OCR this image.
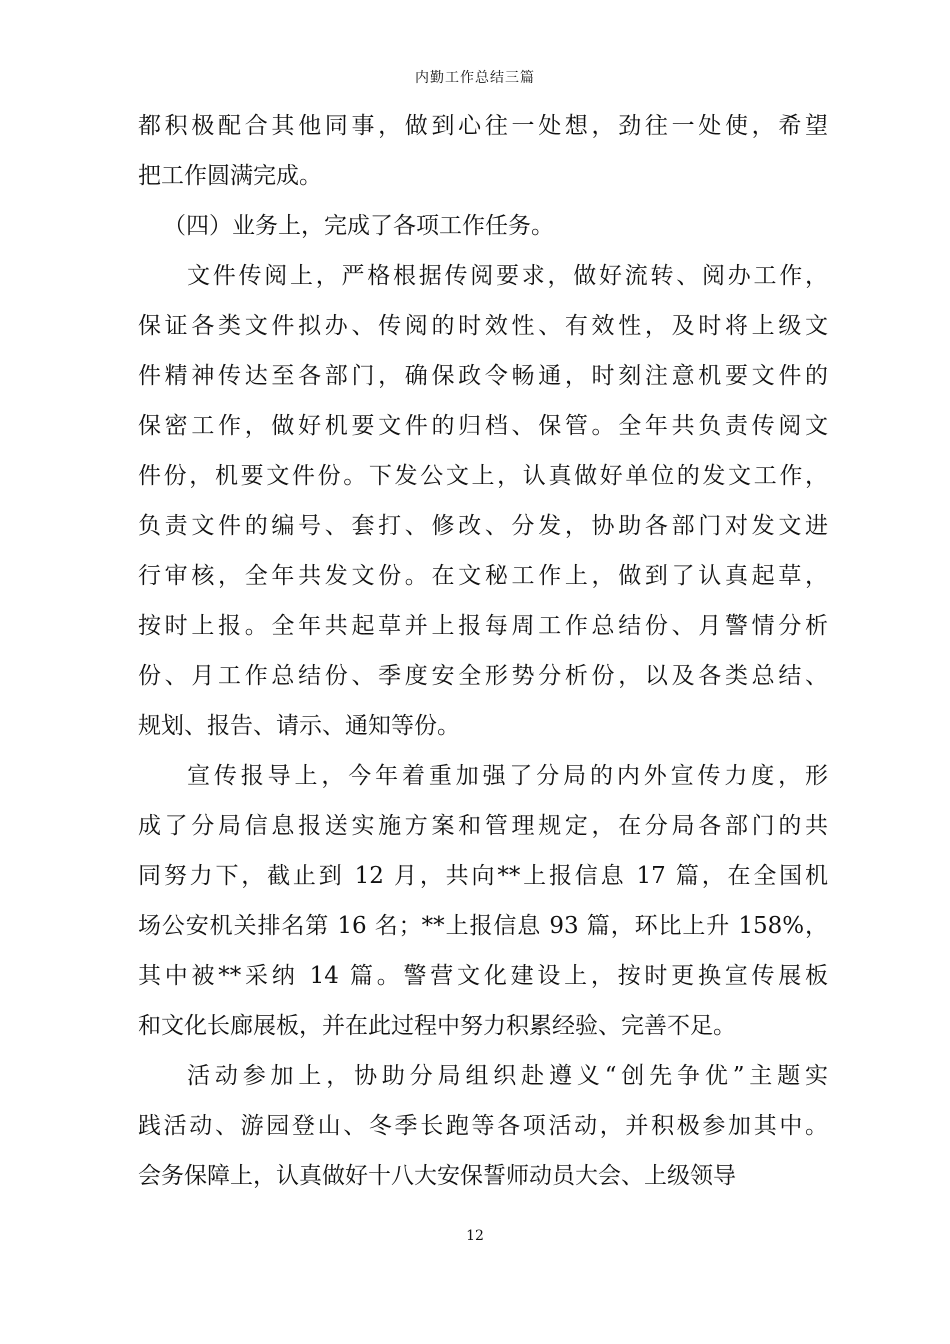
内勤工作总结三篇
都积极配合其他同事，做到心往一处想，劲往一处使，希望
把工作圆满完成。
（四）业务上，完成了各项工作任务。
文件传阅上，严格根据传阅要求，做好流转、阅办工作，
保证各类文件拟办、传阅的时效性、有效性，及时将上级文
件精神传达至各部门，确保政令畅通，时刻注意机要文件的
保密工作，做好机要文件的归档、保管。全年共负责传阅文
件份，机要文件份。下发公文上，认真做好单位的发文工作，
负责文件的编号、套打、修改、分发，协助各部门对发文进
行审核，全年共发文份。在文秘工作上，做到了认真起草，
按时上报。全年共起草并上报每周工作总结份、月警情分析
份、月工作总结份、季度安全形势分析份，以及各类总结、
规划、报告、请示、通知等份。
宣传报导上，今年着重加强了分局的内外宣传力度，形
成了分局信息报送实施方案和管理规定，在分局各部门的共
同努力下，截止到 12 月，共向**上报信息 17 篇，在全国机
场公安机关排名第 16 名；**上报信息 93 篇，环比上升 158%，
其中被**采纳 14 篇。警营文化建设上，按时更换宣传展板
和文化长廊展板，并在此过程中努力积累经验、完善不足。
活动参加上，协助分局组织赴遵义“创先争优”主题实
践活动、游园登山、冬季长跑等各项活动，并积极参加其中。
会务保障上，认真做好十八大安保誓师动员大会、上级领导
12
